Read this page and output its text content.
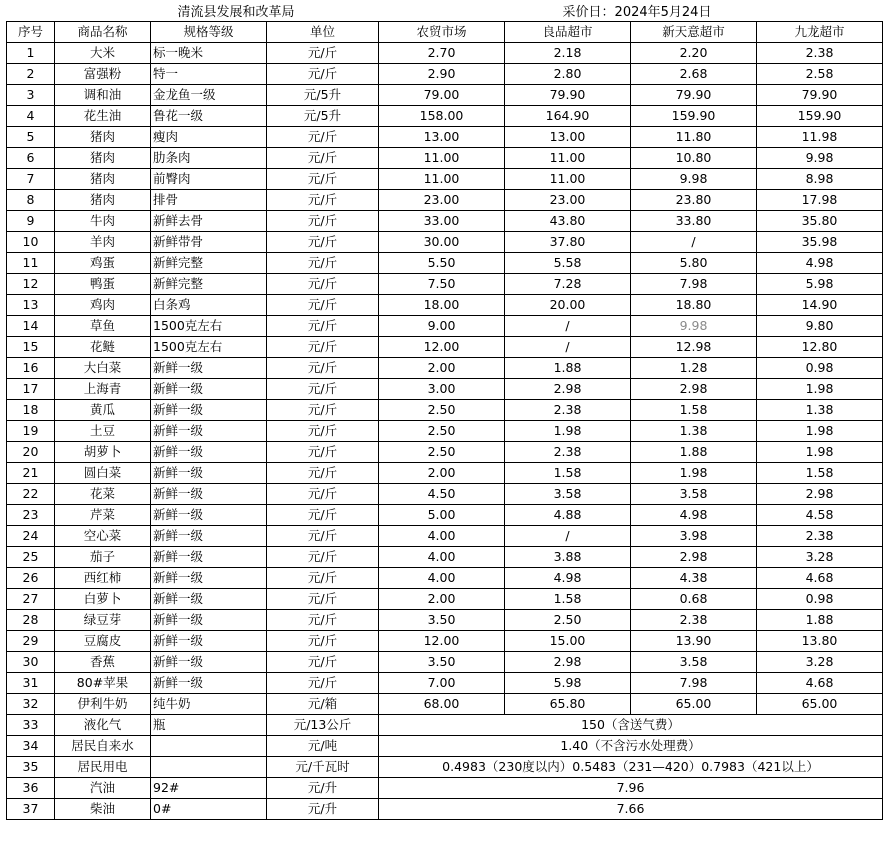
清流县发展和改革局	采价日：2024年5月24日
序号	商品名称	规格等级	单位	农贸市场	良品超市	新天意超市	九龙超市
1	大米	标一晚米	元/斤	2.70	2.18	2.20	2.38
2	富强粉	特一	元/斤	2.90	2.80	2.68	2.58
3	调和油	金龙鱼一级	元/5升	79.00	79.90	79.90	79.90
4	花生油	鲁花一级	元/5升	158.00	164.90	159.90	159.90
5	猪肉	瘦肉	元/斤	13.00	13.00	11.80	11.98
6	猪肉	肋条肉	元/斤	11.00	11.00	10.80	9.98
7	猪肉	前臀肉	元/斤	11.00	11.00	9.98	8.98
8	猪肉	排骨	元/斤	23.00	23.00	23.80	17.98
9	牛肉	新鲜去骨	元/斤	33.00	43.80	33.80	35.80
10	羊肉	新鲜带骨	元/斤	30.00	37.80	/	35.98
11	鸡蛋	新鲜完整	元/斤	5.50	5.58	5.80	4.98
12	鸭蛋	新鲜完整	元/斤	7.50	7.28	7.98	5.98
13	鸡肉	白条鸡	元/斤	18.00	20.00	18.80	14.90
14	草鱼	1500克左右	元/斤	9.00	/	9.98	9.80
15	花鲢	1500克左右	元/斤	12.00	/	12.98	12.80
16	大白菜	新鲜一级	元/斤	2.00	1.88	1.28	0.98
17	上海青	新鲜一级	元/斤	3.00	2.98	2.98	1.98
18	黄瓜	新鲜一级	元/斤	2.50	2.38	1.58	1.38
19	土豆	新鲜一级	元/斤	2.50	1.98	1.38	1.98
20	胡萝卜	新鲜一级	元/斤	2.50	2.38	1.88	1.98
21	圆白菜	新鲜一级	元/斤	2.00	1.58	1.98	1.58
22	花菜	新鲜一级	元/斤	4.50	3.58	3.58	2.98
23	芹菜	新鲜一级	元/斤	5.00	4.88	4.98	4.58
24	空心菜	新鲜一级	元/斤	4.00	/	3.98	2.38
25	茄子	新鲜一级	元/斤	4.00	3.88	2.98	3.28
26	西红柿	新鲜一级	元/斤	4.00	4.98	4.38	4.68
27	白萝卜	新鲜一级	元/斤	2.00	1.58	0.68	0.98
28	绿豆芽	新鲜一级	元/斤	3.50	2.50	2.38	1.88
29	豆腐皮	新鲜一级	元/斤	12.00	15.00	13.90	13.80
30	香蕉	新鲜一级	元/斤	3.50	2.98	3.58	3.28
31	80#苹果	新鲜一级	元/斤	7.00	5.98	7.98	4.68
32	伊利牛奶	纯牛奶	元/箱	68.00	65.80	65.00	65.00
33	液化气	瓶	元/13公斤	150（含送气费）			
34	居民自来水		元/吨	1.40（不含污水处理费）			
35	居民用电		元/千瓦时	0.4983（230度以内）0.5483（231—420）0.7983（421以上）			
36	汽油	92#	元/升	7.96			
37	柴油	0#	元/升	7.66			
